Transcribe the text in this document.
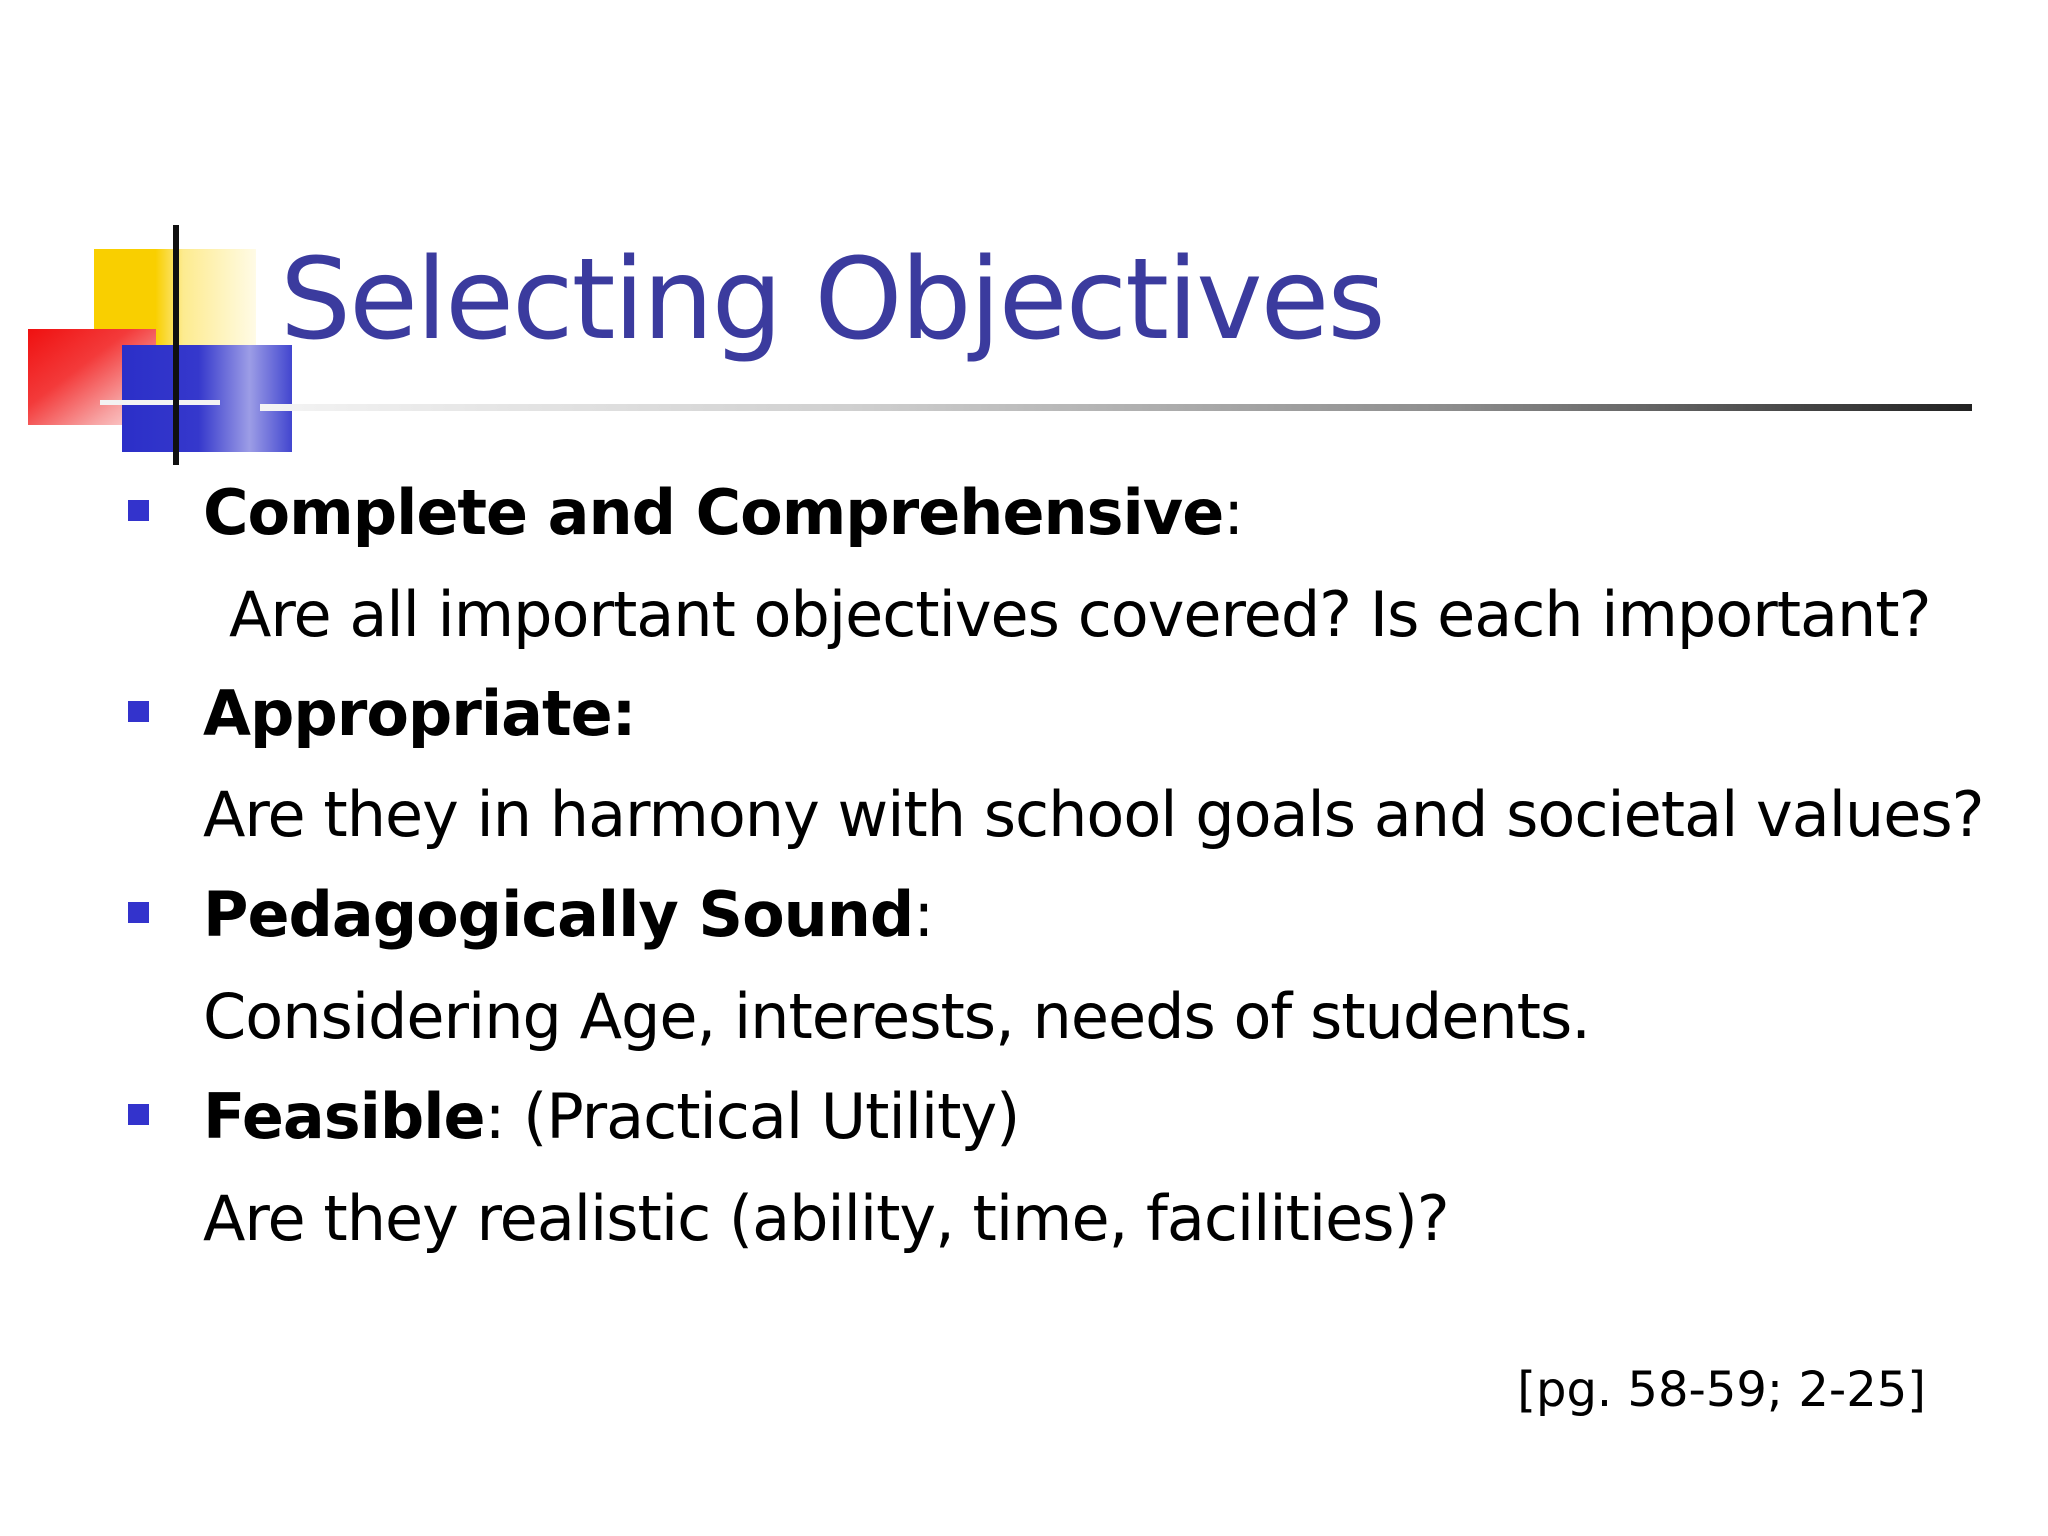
Selecting Objectives
Complete and Comprehensive:
Are all important objectives covered? Is each important?
Appropriate:
Are they in harmony with school goals and societal values?
Pedagogically Sound:
Considering Age, interests, needs of students.
Feasible: (Practical Utility)
Are they realistic (ability, time, facilities)?
[pg. 58-59; 2-25]
